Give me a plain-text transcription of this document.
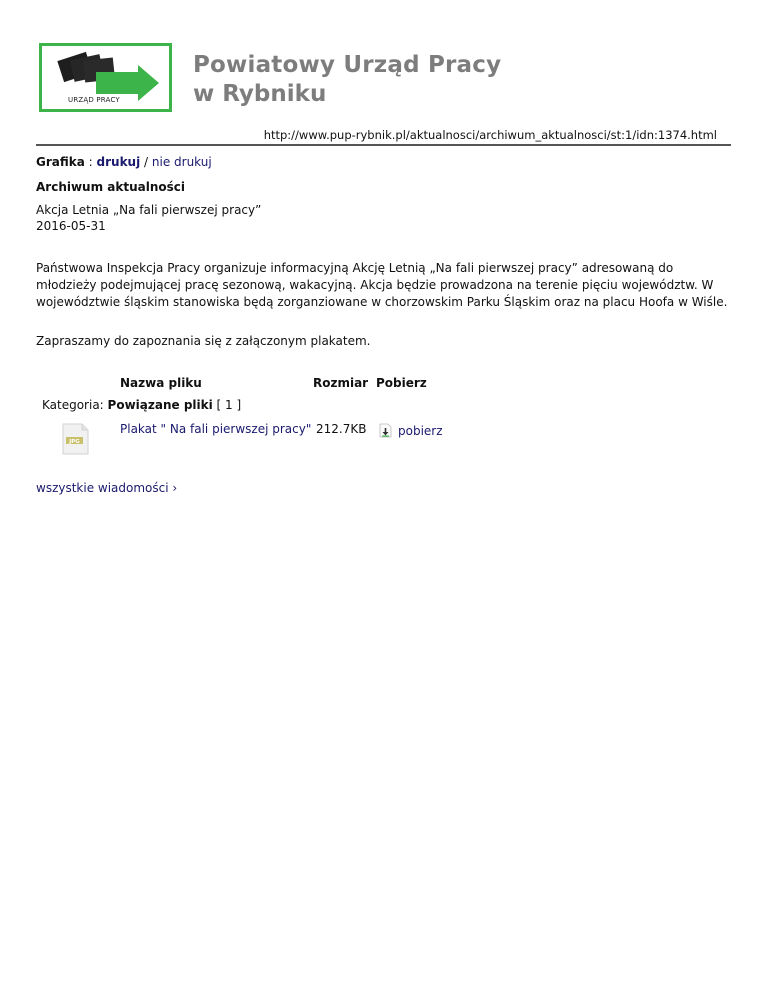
URZĄD PRACY
Powiatowy Urząd Pracy
w Rybniku
http://www.pup-rybnik.pl/aktualnosci/archiwum_aktualnosci/st:1/idn:1374.html
Grafika : drukuj / nie drukuj
Archiwum aktualności
Akcja Letnia „Na fali pierwszej pracy”
2016-05-31
Państwowa Inspekcja Pracy organizuje informacyjną Akcję Letnią „Na fali pierwszej pracy” adresowaną do młodzieży podejmującej pracę sezonową, wakacyjną. Akcja będzie prowadzona na terenie pięciu województw. W województwie śląskim stanowiska będą zorganziowane w chorzowskim Parku Śląskim oraz na placu Hoofa w Wiśle.
Zapraszamy do zapoznania się z załączonym plakatem.
Nazwa pliku	Rozmiar Pobierz
Kategoria: Powiązane pliki [ 1 ]
JPG
Plakat " Na fali pierwszej pracy" 212.7KB	pobierz
wszystkie wiadomości ›
